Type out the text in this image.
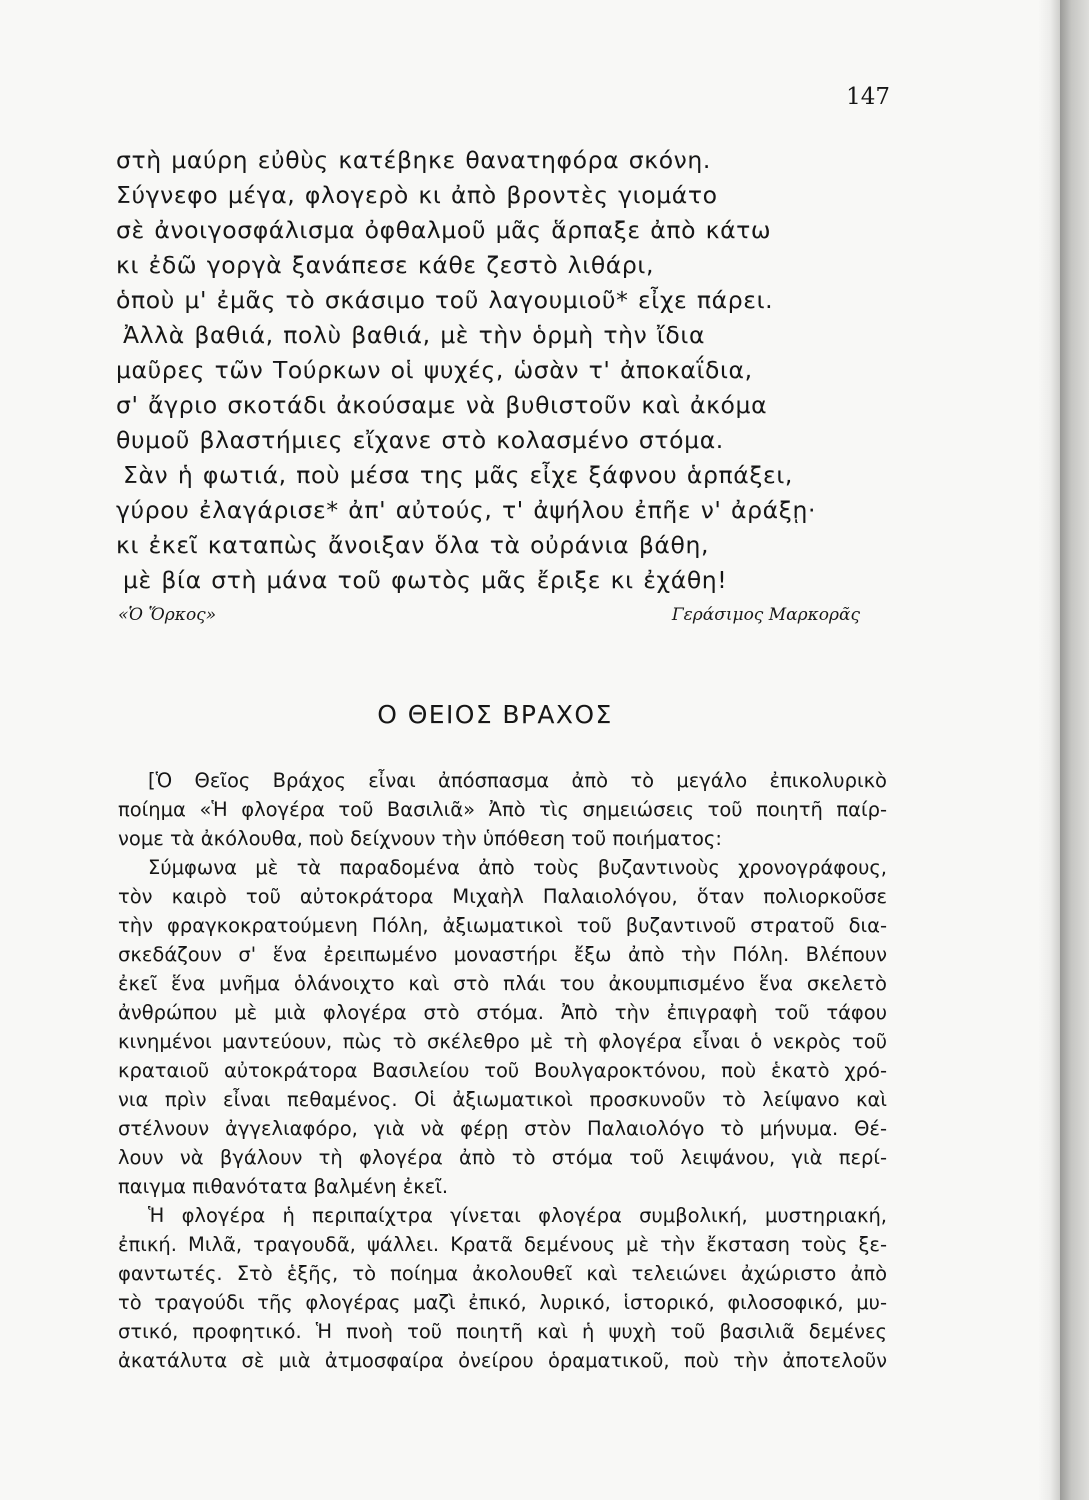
147
στὴ μαύρη εὐθὺς κατέβηκε θανατηφόρα σκόνη.
Σύγνεφο μέγα, φλογερὸ κι ἀπὸ βροντὲς γιομάτο
σὲ ἀνοιγοσφάλισμα ὀφθαλμοῦ μᾶς ἅρπαξε ἀπὸ κάτω
κι ἐδῶ γοργὰ ξανάπεσε κάθε ζεστὸ λιθάρι,
ὁποὺ μ' ἐμᾶς τὸ σκάσιμο τοῦ λαγουμιοῦ* εἶχε πάρει.
Ἀλλὰ βαθιά, πολὺ βαθιά, μὲ τὴν ὁρμὴ τὴν ἴδια
μαῦρες τῶν Τούρκων οἱ ψυχές, ὡσὰν τ' ἀποκαΐδια,
σ' ἄγριο σκοτάδι ἀκούσαμε νὰ βυθιστοῦν καὶ ἀκόμα
θυμοῦ βλαστήμιες εἴχανε στὸ κολασμένο στόμα.
Σὰν ἡ φωτιά, ποὺ μέσα της μᾶς εἶχε ξάφνου ἁρπάξει,
γύρου ἐλαγάρισε* ἀπ' αὐτούς, τ' ἀψήλου ἐπῆε ν' ἀράξῃ·
κι ἐκεῖ καταπὼς ἄνοιξαν ὅλα τὰ οὐράνια βάθη,
μὲ βία στὴ μάνα τοῦ φωτὸς μᾶς ἔριξε κι ἐχάθη!
«Ὁ Ὅρκος»	Γεράσιμος Μαρκορᾶς
Ο ΘΕΙΟΣ ΒΡΑΧΟΣ
[Ὁ Θεῖος Βράχος εἶναι ἀπόσπασμα ἀπὸ τὸ μεγάλο ἐπικολυρικὸ
ποίημα «Ἡ φλογέρα τοῦ Βασιλιᾶ» Ἀπὸ τὶς σημειώσεις τοῦ ποιητῆ παίρ-
νομε τὰ ἀκόλουθα, ποὺ δείχνουν τὴν ὑπόθεση τοῦ ποιήματος:
Σύμφωνα μὲ τὰ παραδομένα ἀπὸ τοὺς βυζαντινοὺς χρονογράφους,
τὸν καιρὸ τοῦ αὐτοκράτορα Μιχαὴλ Παλαιολόγου, ὅταν πολιορκοῦσε
τὴν φραγκοκρατούμενη Πόλη, ἀξιωματικοὶ τοῦ βυζαντινοῦ στρατοῦ δια-
σκεδάζουν σ' ἕνα ἐρειπωμένο μοναστήρι ἔξω ἀπὸ τὴν Πόλη. Βλέπουν
ἐκεῖ ἕνα μνῆμα ὁλάνοιχτο καὶ στὸ πλάι του ἀκουμπισμένο ἕνα σκελετὸ
ἀνθρώπου μὲ μιὰ φλογέρα στὸ στόμα. Ἀπὸ τὴν ἐπιγραφὴ τοῦ τάφου
κινημένοι μαντεύουν, πὼς τὸ σκέλεθρο μὲ τὴ φλογέρα εἶναι ὁ νεκρὸς τοῦ
κραταιοῦ αὐτοκράτορα Βασιλείου τοῦ Βουλγαροκτόνου, ποὺ ἑκατὸ χρό-
νια πρὶν εἶναι πεθαμένος. Οἱ ἀξιωματικοὶ προσκυνοῦν τὸ λείψανο καὶ
στέλνουν ἀγγελιαφόρο, γιὰ νὰ φέρῃ στὸν Παλαιολόγο τὸ μήνυμα. Θέ-
λουν νὰ βγάλουν τὴ φλογέρα ἀπὸ τὸ στόμα τοῦ λειψάνου, γιὰ περί-
παιγμα πιθανότατα βαλμένη ἐκεῖ.
Ἡ φλογέρα ἡ περιπαίχτρα γίνεται φλογέρα συμβολική, μυστηριακή,
ἐπική. Μιλᾶ, τραγουδᾶ, ψάλλει. Κρατᾶ δεμένους μὲ τὴν ἔκσταση τοὺς ξε-
φαντωτές. Στὸ ἑξῆς, τὸ ποίημα ἀκολουθεῖ καὶ τελειώνει ἀχώριστο ἀπὸ
τὸ τραγούδι τῆς φλογέρας μαζὶ ἐπικό, λυρικό, ἱστορικό, φιλοσοφικό, μυ-
στικό, προφητικό. Ἡ πνοὴ τοῦ ποιητῆ καὶ ἡ ψυχὴ τοῦ βασιλιᾶ δεμένες
ἀκατάλυτα σὲ μιὰ ἀτμοσφαίρα ὀνείρου ὁραματικοῦ, ποὺ τὴν ἀποτελοῦν
